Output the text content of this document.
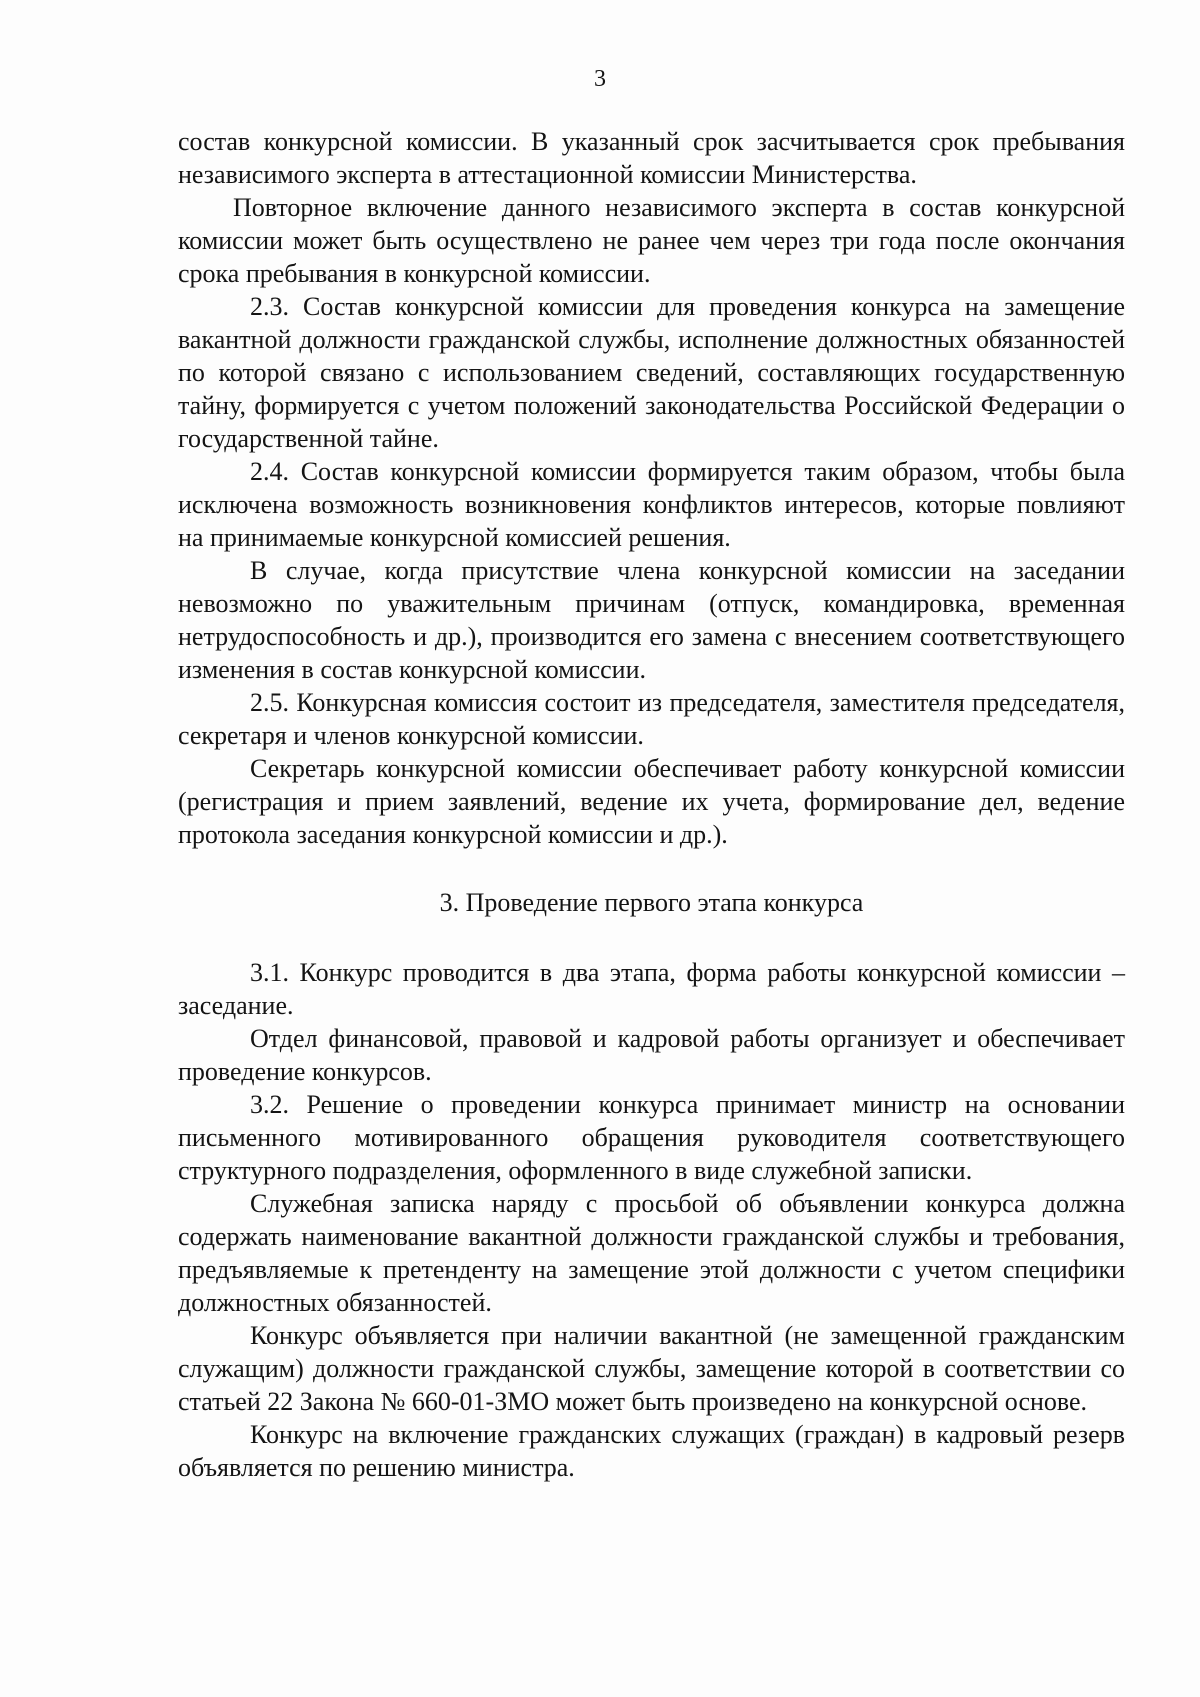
3

состав конкурсной комиссии. В указанный срок засчитывается срок пребывания независимого эксперта в аттестационной комиссии Министерства.

Повторное включение данного независимого эксперта в состав конкурсной комиссии может быть осуществлено не ранее чем через три года после окончания срока пребывания в конкурсной комиссии.

2.3. Состав конкурсной комиссии для проведения конкурса на замещение вакантной должности гражданской службы, исполнение должностных обязанностей по которой связано с использованием сведений, составляющих государственную тайну, формируется с учетом положений законодательства Российской Федерации о государственной тайне.

2.4. Состав конкурсной комиссии формируется таким образом, чтобы была исключена возможность возникновения конфликтов интересов, которые повлияют на принимаемые конкурсной комиссией решения.

В случае, когда присутствие члена конкурсной комиссии на заседании невозможно по уважительным причинам (отпуск, командировка, временная нетрудоспособность и др.), производится его замена с внесением соответствующего изменения в состав конкурсной комиссии.

2.5. Конкурсная комиссия состоит из председателя, заместителя председателя, секретаря и членов конкурсной комиссии.

Секретарь конкурсной комиссии обеспечивает работу конкурсной комиссии (регистрация и прием заявлений, ведение их учета, формирование дел, ведение протокола заседания конкурсной комиссии и др.).

3. Проведение первого этапа конкурса

3.1. Конкурс проводится в два этапа, форма работы конкурсной комиссии – заседание.

Отдел финансовой, правовой и кадровой работы организует и обеспечивает проведение конкурсов.

3.2. Решение о проведении конкурса принимает министр на основании письменного мотивированного обращения руководителя соответствующего структурного подразделения, оформленного в виде служебной записки.

Служебная записка наряду с просьбой об объявлении конкурса должна содержать наименование вакантной должности гражданской службы и требования, предъявляемые к претенденту на замещение этой должности с учетом специфики должностных обязанностей.

Конкурс объявляется при наличии вакантной (не замещенной гражданским служащим) должности гражданской службы, замещение которой в соответствии со статьей 22 Закона № 660-01-ЗМО может быть произведено на конкурсной основе.

Конкурс на включение гражданских служащих (граждан) в кадровый резерв объявляется по решению министра.
